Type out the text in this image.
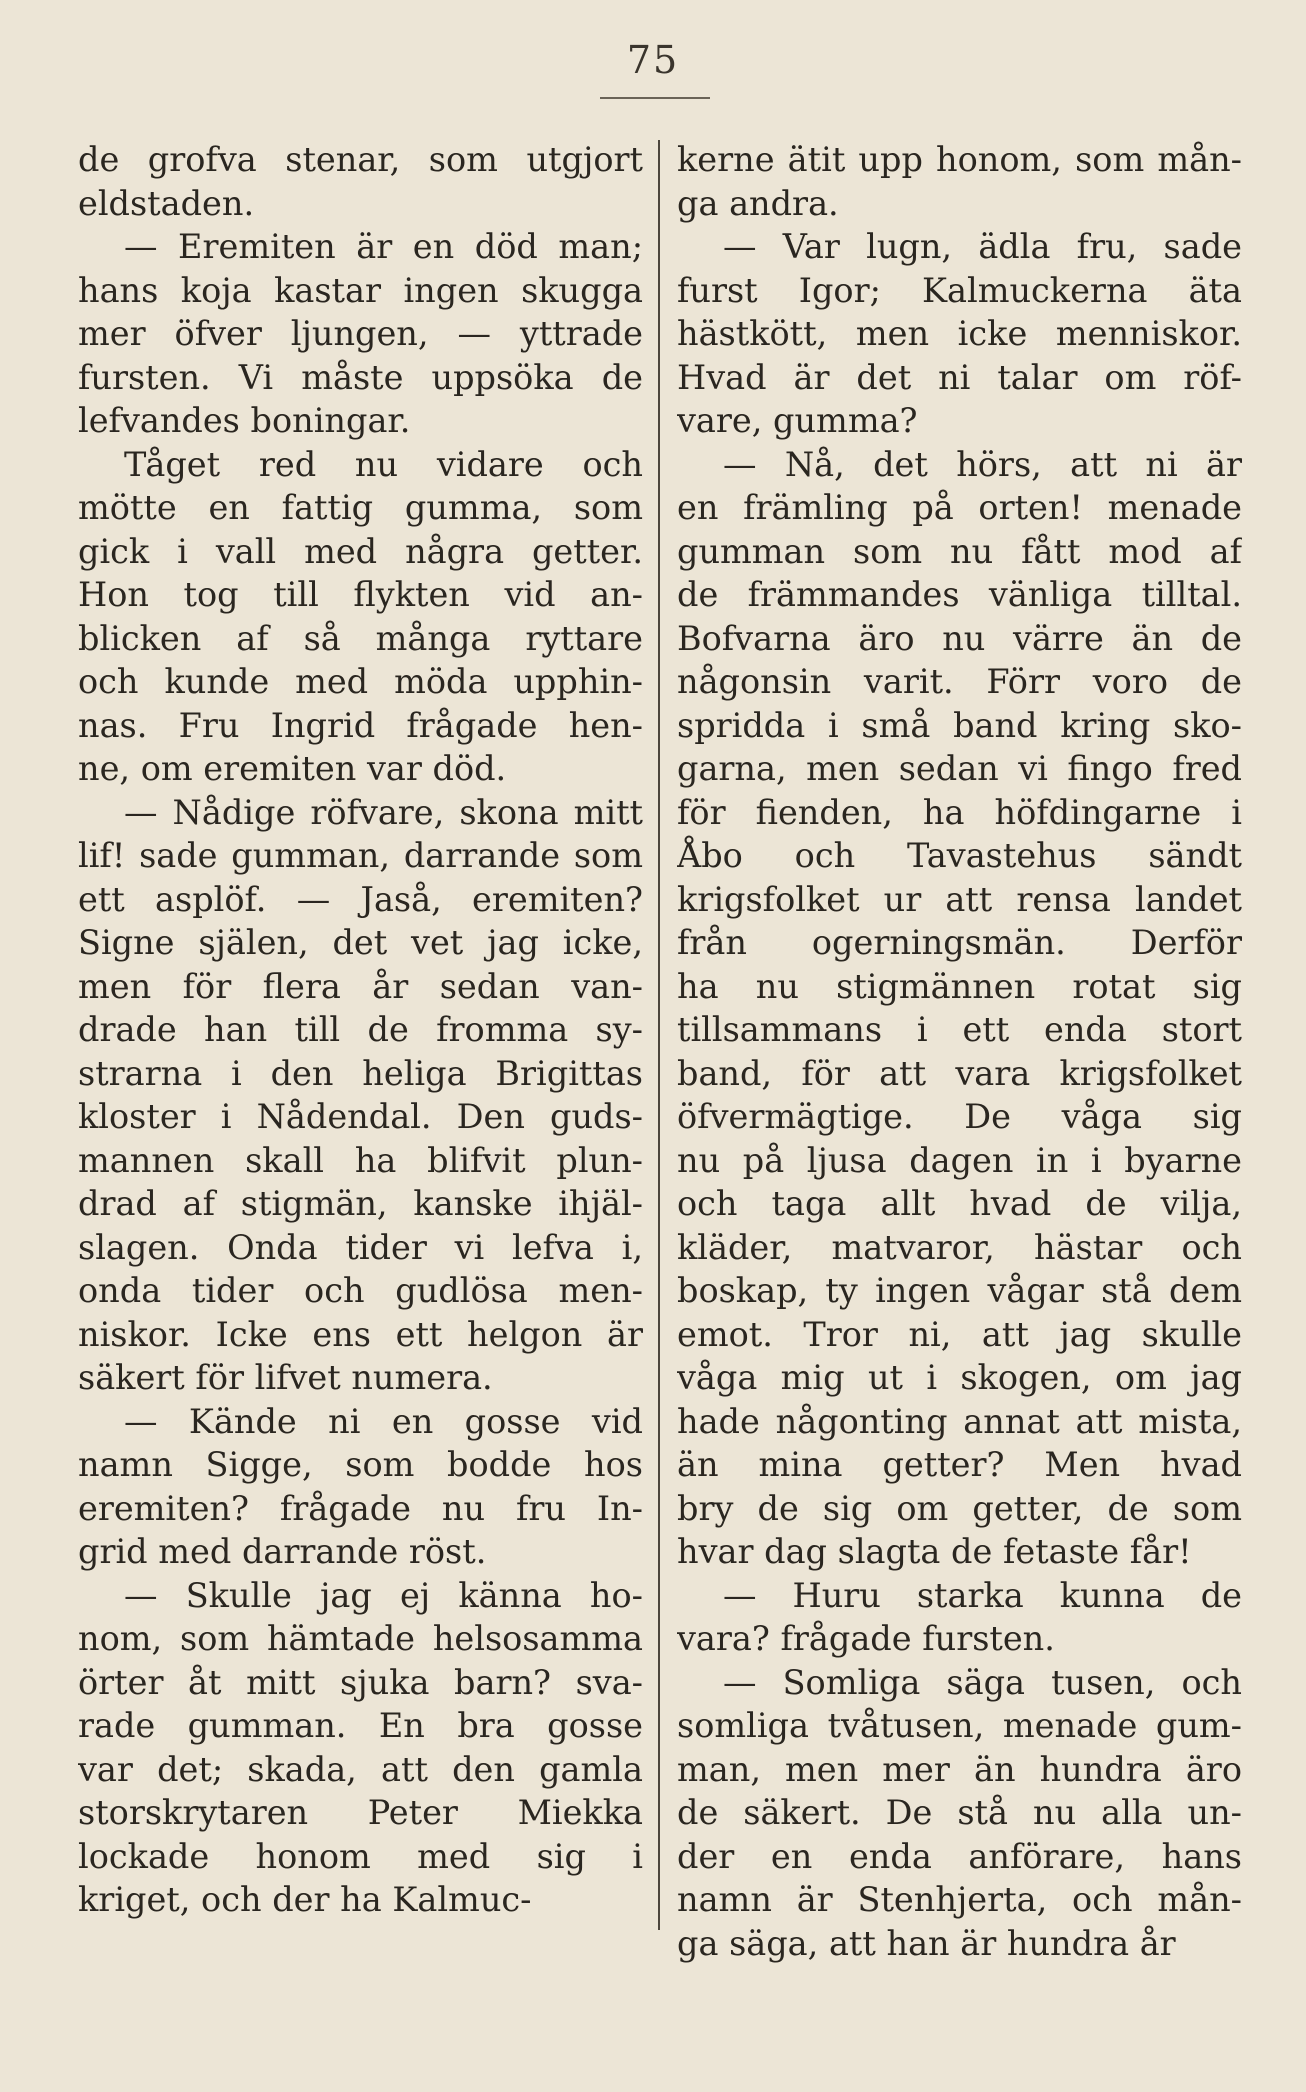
75
de grofva stenar, som utgjort
eldstaden.
— Eremiten är en död man;
hans koja kastar ingen skugga
mer öfver ljungen, — yttrade
fursten. Vi måste uppsöka de
lefvandes boningar.
Tåget red nu vidare och
mötte en fattig gumma, som
gick i vall med några getter.
Hon tog till flykten vid an-
blicken af så många ryttare
och kunde med möda upphin-
nas. Fru Ingrid frågade hen-
ne, om eremiten var död.
— Nådige röfvare, skona mitt
lif! sade gumman, darrande som
ett asplöf. — Jaså, eremiten?
Signe själen, det vet jag icke,
men för flera år sedan van-
drade han till de fromma sy-
strarna i den heliga Brigittas
kloster i Nådendal. Den guds-
mannen skall ha blifvit plun-
drad af stigmän, kanske ihjäl-
slagen. Onda tider vi lefva i,
onda tider och gudlösa men-
niskor. Icke ens ett helgon är
säkert för lifvet numera.
— Kände ni en gosse vid
namn Sigge, som bodde hos
eremiten? frågade nu fru In-
grid med darrande röst.
— Skulle jag ej känna ho-
nom, som hämtade helsosamma
örter åt mitt sjuka barn? sva-
rade gumman. En bra gosse
var det; skada, att den gamla
storskrytaren Peter Miekka
lockade honom med sig i
kriget, och der ha Kalmuc-
kerne ätit upp honom, som mån-
ga andra.
— Var lugn, ädla fru, sade
furst Igor; Kalmuckerna äta
hästkött, men icke menniskor.
Hvad är det ni talar om röf-
vare, gumma?
— Nå, det hörs, att ni är
en främling på orten! menade
gumman som nu fått mod af
de främmandes vänliga tilltal.
Bofvarna äro nu värre än de
någonsin varit. Förr voro de
spridda i små band kring sko-
garna, men sedan vi fingo fred
för fienden, ha höfdingarne i
Åbo och Tavastehus sändt
krigsfolket ur att rensa landet
från ogerningsmän. Derför
ha nu stigmännen rotat sig
tillsammans i ett enda stort
band, för att vara krigsfolket
öfvermägtige. De våga sig
nu på ljusa dagen in i byarne
och taga allt hvad de vilja,
kläder, matvaror, hästar och
boskap, ty ingen vågar stå dem
emot. Tror ni, att jag skulle
våga mig ut i skogen, om jag
hade någonting annat att mista,
än mina getter? Men hvad
bry de sig om getter, de som
hvar dag slagta de fetaste får!
— Huru starka kunna de
vara? frågade fursten.
— Somliga säga tusen, och
somliga tvåtusen, menade gum-
man, men mer än hundra äro
de säkert. De stå nu alla un-
der en enda anförare, hans
namn är Stenhjerta, och mån-
ga säga, att han är hundra år
